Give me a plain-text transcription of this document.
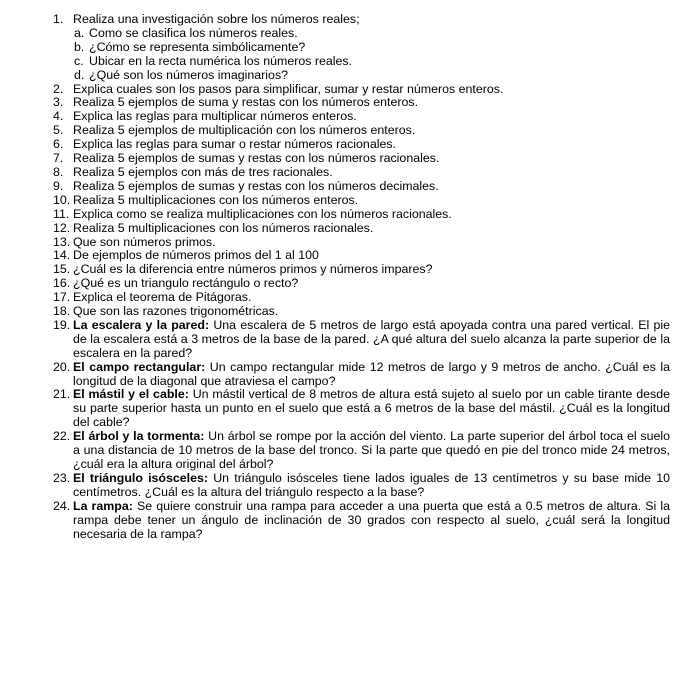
1. Realiza una investigación sobre los números reales;
a. Como se clasifica los números reales.
b. ¿Cómo se representa simbólicamente?
c. Ubicar en la recta numérica los números reales.
d. ¿Qué son los números imaginarios?
2. Explica cuales son los pasos para simplificar, sumar y restar números enteros.
3. Realiza 5 ejemplos de suma y restas con los números enteros.
4. Explica las reglas para multiplicar números enteros.
5. Realiza 5 ejemplos de multiplicación con los números enteros.
6. Explica las reglas para sumar o restar números racionales.
7. Realiza 5 ejemplos de sumas y restas con los números racionales.
8. Realiza 5 ejemplos con más de tres racionales.
9. Realiza 5 ejemplos de sumas y restas con los números decimales.
10. Realiza 5 multiplicaciones con los números enteros.
11. Explica como se realiza multiplicaciones con los números racionales.
12. Realiza 5 multiplicaciones con los números racionales.
13. Que son números primos.
14. De ejemplos de números primos del 1 al 100
15. ¿Cuál es la diferencia entre números primos y números impares?
16. ¿Qué es un triangulo rectángulo o recto?
17. Explica el teorema de Pitágoras.
18. Que son las razones trigonométricas.
19. La escalera y la pared: Una escalera de 5 metros de largo está apoyada contra una pared vertical. El pie de la escalera está a 3 metros de la base de la pared. ¿A qué altura del suelo alcanza la parte superior de la escalera en la pared?
20. El campo rectangular: Un campo rectangular mide 12 metros de largo y 9 metros de ancho. ¿Cuál es la longitud de la diagonal que atraviesa el campo?
21. El mástil y el cable: Un mástil vertical de 8 metros de altura está sujeto al suelo por un cable tirante desde su parte superior hasta un punto en el suelo que está a 6 metros de la base del mástil. ¿Cuál es la longitud del cable?
22. El árbol y la tormenta: Un árbol se rompe por la acción del viento. La parte superior del árbol toca el suelo a una distancia de 10 metros de la base del tronco. Si la parte que quedó en pie del tronco mide 24 metros, ¿cuál era la altura original del árbol?
23. El triángulo isósceles: Un triángulo isósceles tiene lados iguales de 13 centímetros y su base mide 10 centímetros. ¿Cuál es la altura del triángulo respecto a la base?
24. La rampa: Se quiere construir una rampa para acceder a una puerta que está a 0.5 metros de altura. Si la rampa debe tener un ángulo de inclinación de 30 grados con respecto al suelo, ¿cuál será la longitud necesaria de la rampa?
